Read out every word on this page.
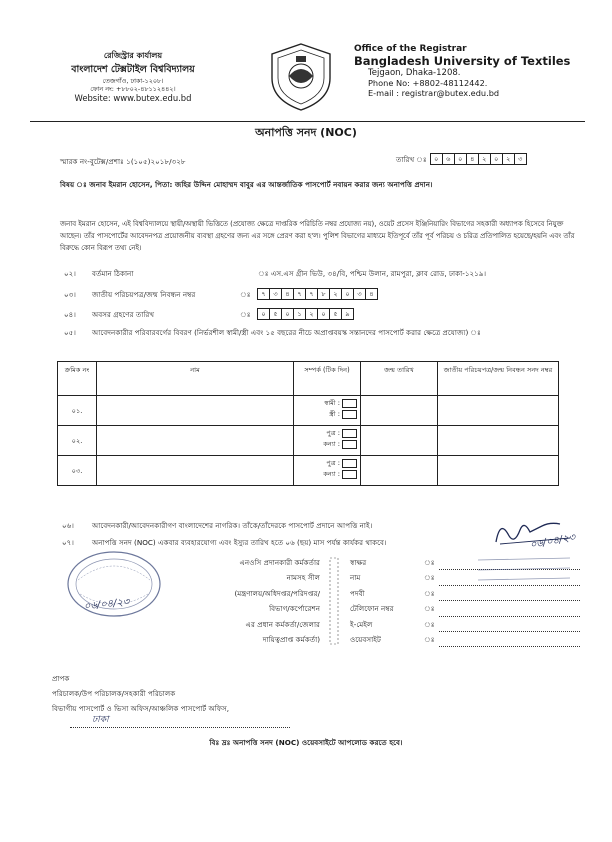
রেজিস্ট্রার কার্যালয়
বাংলাদেশ টেক্সটাইল বিশ্ববিদ্যালয়
তেজগাঁও, ঢাকা-১২০৮।
ফোন নং: +৮৮০২-৪৮১১২৪৪২।
Website: www.butex.edu.bd
Office of the Registrar
Bangladesh University of Textiles
Tejgaon, Dhaka-1208.
Phone No: +8802-48112442.
E-mail : registrar@butex.edu.bd
অনাপত্তি সনদ (NOC)
স্মারক নং-বুটেক্স/প্রশাঃ ১(১০৫)২০১৮/৩২৮	তারিখ ঃ	০	৬	০	৪	২	০	২	৩
বিষয় ঃ জনাব ইমরান হোসেন, পিতা: জহির উদ্দিন মোহাম্মদ বাবুর এর আন্তর্জাতিক পাসপোর্ট নবায়ন করার জন্য অনাপত্তি প্রদান।
জনাব ইমরান হোসেন, এই বিশ্ববিদ্যালয়ে স্থায়ী/অস্থায়ী ভিত্তিতে (প্রযোজ্য ক্ষেত্রে দাপ্তরিক পরিচিতি নম্বর প্রযোজ্য নয়), ওয়েট প্রসেস ইঞ্জিনিয়ারিং বিভাগের সহকারী অধ্যাপক হিসেবে নিযুক্ত আছেন। তাঁর পাসপোর্টের আবেদনপত্র প্রয়োজনীয় ব্যবস্থা গ্রহণের জন্য এর সঙ্গে প্রেরণ করা হ'ল। পুলিশ বিভাগের মাধ্যমে ইতিপূর্বে তাঁর পূর্ব পরিচয় ও চরিত্র প্রতিপালিত হয়েছে/হয়নি এবং তাঁর বিরুদ্ধে কোন বিরূপ তথ্য নেই।
০২। বর্তমান ঠিকানা	ঃ এস.এস গ্রীন ভিউ, ৩৪/বি, পশ্চিম উলান, রামপুরা, ক্লাব রোড, ঢাকা-১২১৯।
০৩। জাতীয় পরিচয়পত্র/জন্ম নিবন্ধন নম্বর	ঃ	৭	৩	৪	৭	৭	৮	২	০	৩	৪
০৪। অবসর গ্রহণের তারিখ	ঃ	০	৫	০	১	২	০	৫	৯
০৫। আবেদনকারীর পরিবারবর্গের বিবরণ (নির্ভরশীল স্বামী/স্ত্রী এবং ১৫ বছরের নীচে অপ্রাপ্তবয়স্ক সন্তানদের পাসপোর্ট করার ক্ষেত্রে প্রযোজ্য) ঃ
ক্রমিক নং	নাম	সম্পর্ক (টিক দিন)	জন্ম তারিখ	জাতীয় পরিচয়পত্র/জন্ম নিবন্ধন সনদ নম্বর
০১.		স্বামী :
স্ত্রী :		
০২.		পুত্র :
কন্যা :		
০৩.		পুত্র :
কন্যা :		
০৬।	আবেদনকারী/আবেদনকারীগণ বাংলাদেশের নাগরিক। তাঁকে/তাঁদেরকে পাসপোর্ট প্রদানে আপত্তি নাই।
০৭।	অনাপত্তি সনদ (NOC) একবার ব্যবহারযোগ্য এবং ইস্যুর তারিখ হতে ০৬ (ছয়) মাস পর্যন্ত কার্যকর থাকবে।
এনওসি প্রদানকারী কর্মকর্তার
নামসহ সীল
(মন্ত্রণালয়/অধিদপ্তর/পরিদপ্তর/
বিভাগ/কর্পোরেশন
এর প্রধান কর্মকর্তা/জেলার
দায়িত্বপ্রাপ্ত কর্মকর্তা)
স্বাক্ষর	ঃ
নাম	ঃ
পদবী	ঃ
টেলিফোন নম্বর	ঃ
ই-মেইল	ঃ
ওয়েবসাইট	ঃ
০৬/০৪/২৩
০৬/০৪/২৩
প্রাপক
পরিচালক/উপ পরিচালক/সহকারী পরিচালক
বিভাগীয় পাসপোর্ট ও ভিসা অফিস/আঞ্চলিক পাসপোর্ট অফিস,
ঢাকা
বিঃ দ্রঃ অনাপত্তি সনদ (NOC) ওয়েবসাইটে আপলোড করতে হবে।
